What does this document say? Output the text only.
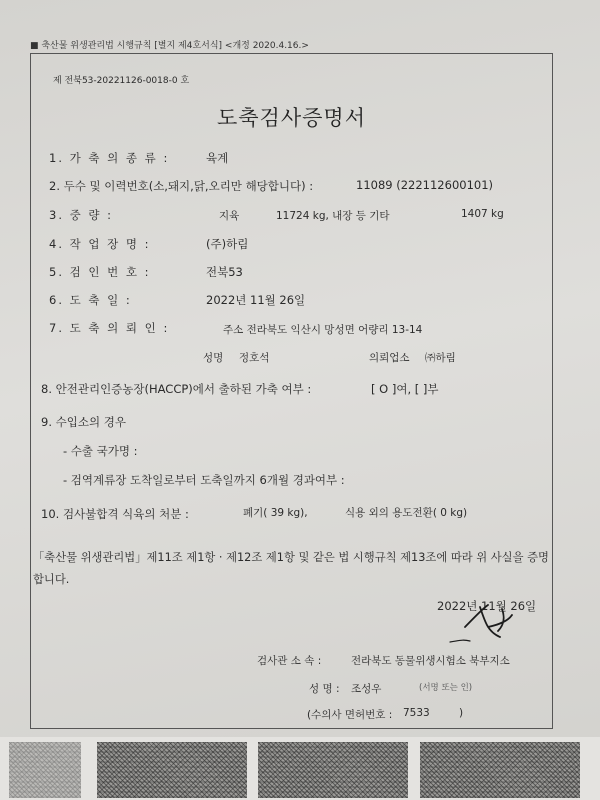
■ 축산물 위생관리법 시행규칙 [별지 제4호서식] <개정 2020.4.16.>
제 전북53-20221126-0018-0 호
도축검사증명서
1. 가 축 의 종 류 :	육계
2. 두수 및 이력번호(소,돼지,닭,오리만 해당합니다) :	11089 (222112600101)
3. 중 량 :	지육	11724 kg, 내장 등 기타	1407 kg
4. 작 업 장 명 :	(주)하림
5. 검 인 번 호 :	전북53
6. 도 축 일 :	2022년 11월 26일
7. 도 축 의 뢰 인 :	주소 전라북도 익산시 망성면 어량리 13-14
성명 정호석	의뢰업소 ㈜하림
8. 안전관리인증농장(HACCP)에서 출하된 가축 여부 :	[ O ]여, [ ]부
9. 수입소의 경우
- 수출 국가명 :
- 검역계류장 도착일로부터 도축일까지 6개월 경과여부 :
10. 검사불합격 식육의 처분 :	폐기( 39 kg),	식용 외의 용도전환( 0 kg)
「축산물 위생관리법」제11조 제1항 · 제12조 제1항 및 같은 법 시행규칙 제13조에 따라 위 사실을 증명
합니다.
2022년 11월 26일
검사관 소 속 :	전라북도 동물위생시험소 북부지소
성 명 : 조성우	(서명 또는 인)
(수의사 면허번호 : 7533	)
